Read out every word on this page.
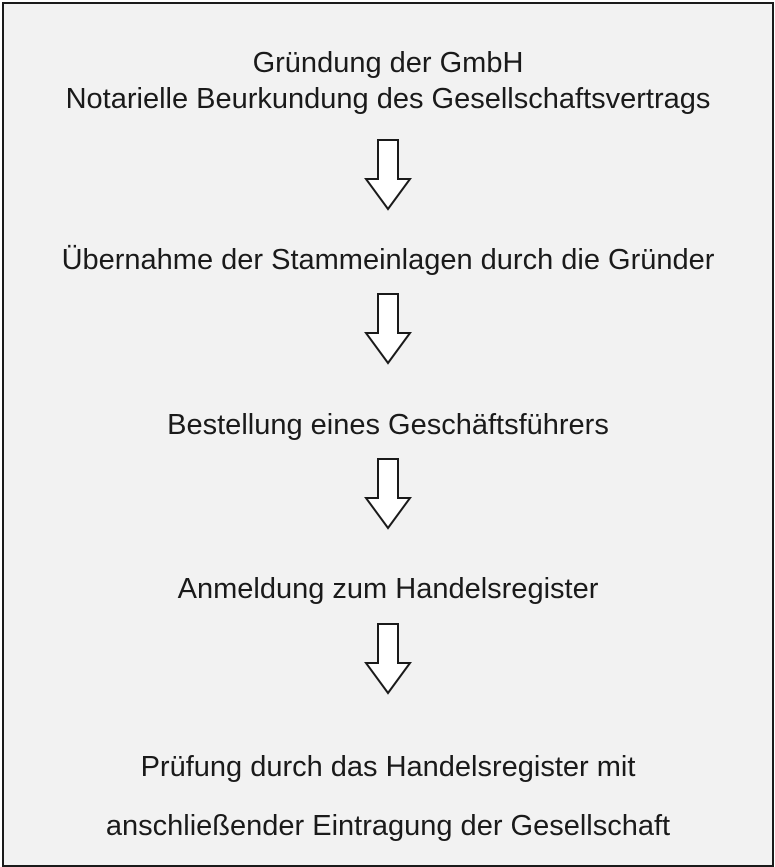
Gründung der GmbH
Notarielle Beurkundung des Gesellschaftsvertrags
Übernahme der Stammeinlagen durch die Gründer
Bestellung eines Geschäftsführers
Anmeldung zum Handelsregister
Prüfung durch das Handelsregister mit
anschließender Eintragung der Gesellschaft
